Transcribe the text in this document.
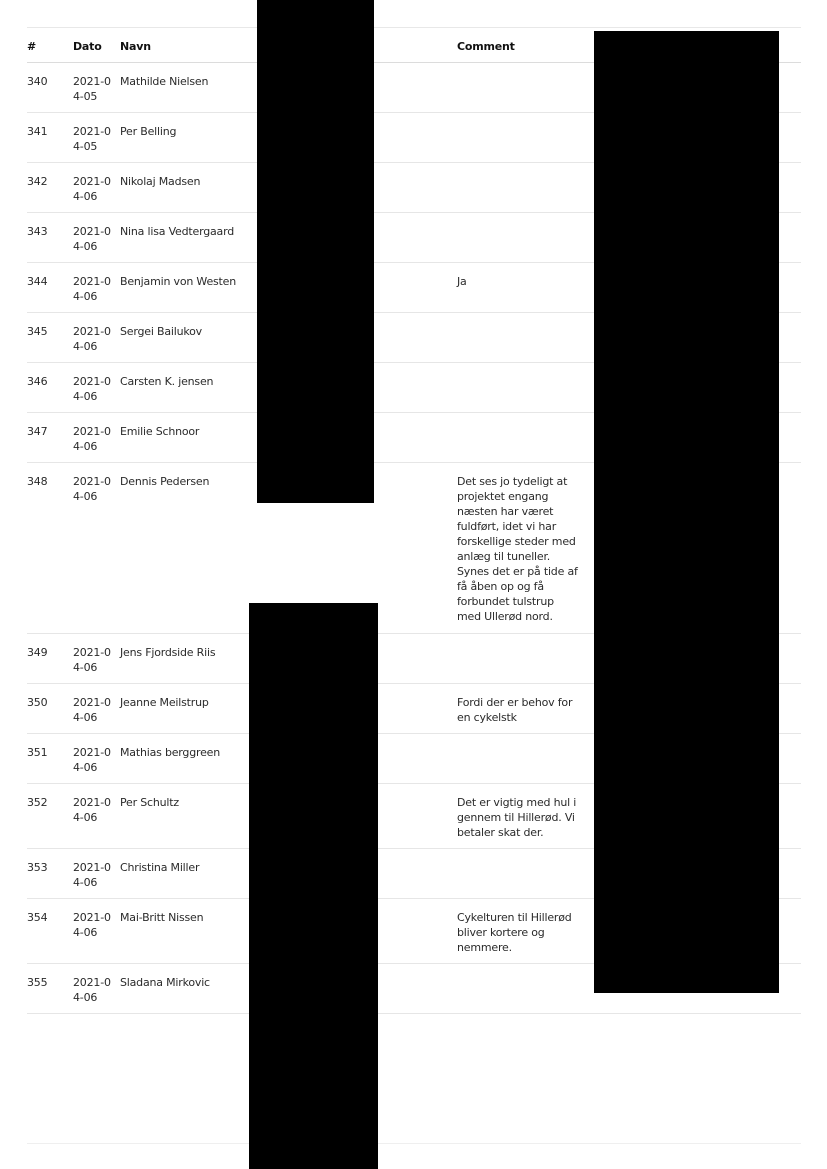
#	Dato	Navn		Comment	
340	2021-04-05	Mathilde Nielsen		

341	2021-04-05	Per Belling		

342	2021-04-06	Nikolaj Madsen		

343	2021-04-06	Nina lisa Vedtergaard		

344	2021-04-06	Benjamin von Westen		Ja	

345	2021-04-06	Sergei Bailukov		

346	2021-04-06	Carsten K. jensen		

347	2021-04-06	Emilie Schnoor		

348	2021-04-06	Dennis Pedersen		Det ses jo tydeligt at projektet engang næsten har været fuldført, idet vi har forskellige steder med anlæg til tuneller. Synes det er på tide af få åben op og få forbundet tulstrup med Ullerød nord.	

349	2021-04-06	Jens Fjordside Riis		

350	2021-04-06	Jeanne Meilstrup		Fordi der er behov for en cykelstk	

351	2021-04-06	Mathias berggreen		

352	2021-04-06	Per Schultz		Det er vigtig med hul i gennem til Hillerød. Vi betaler skat der.	

353	2021-04-06	Christina Miller		

354	2021-04-06	Mai-Britt Nissen		Cykelturen til Hillerød bliver kortere og nemmere.	

355	2021-04-06	Sladana Mirkovic		
